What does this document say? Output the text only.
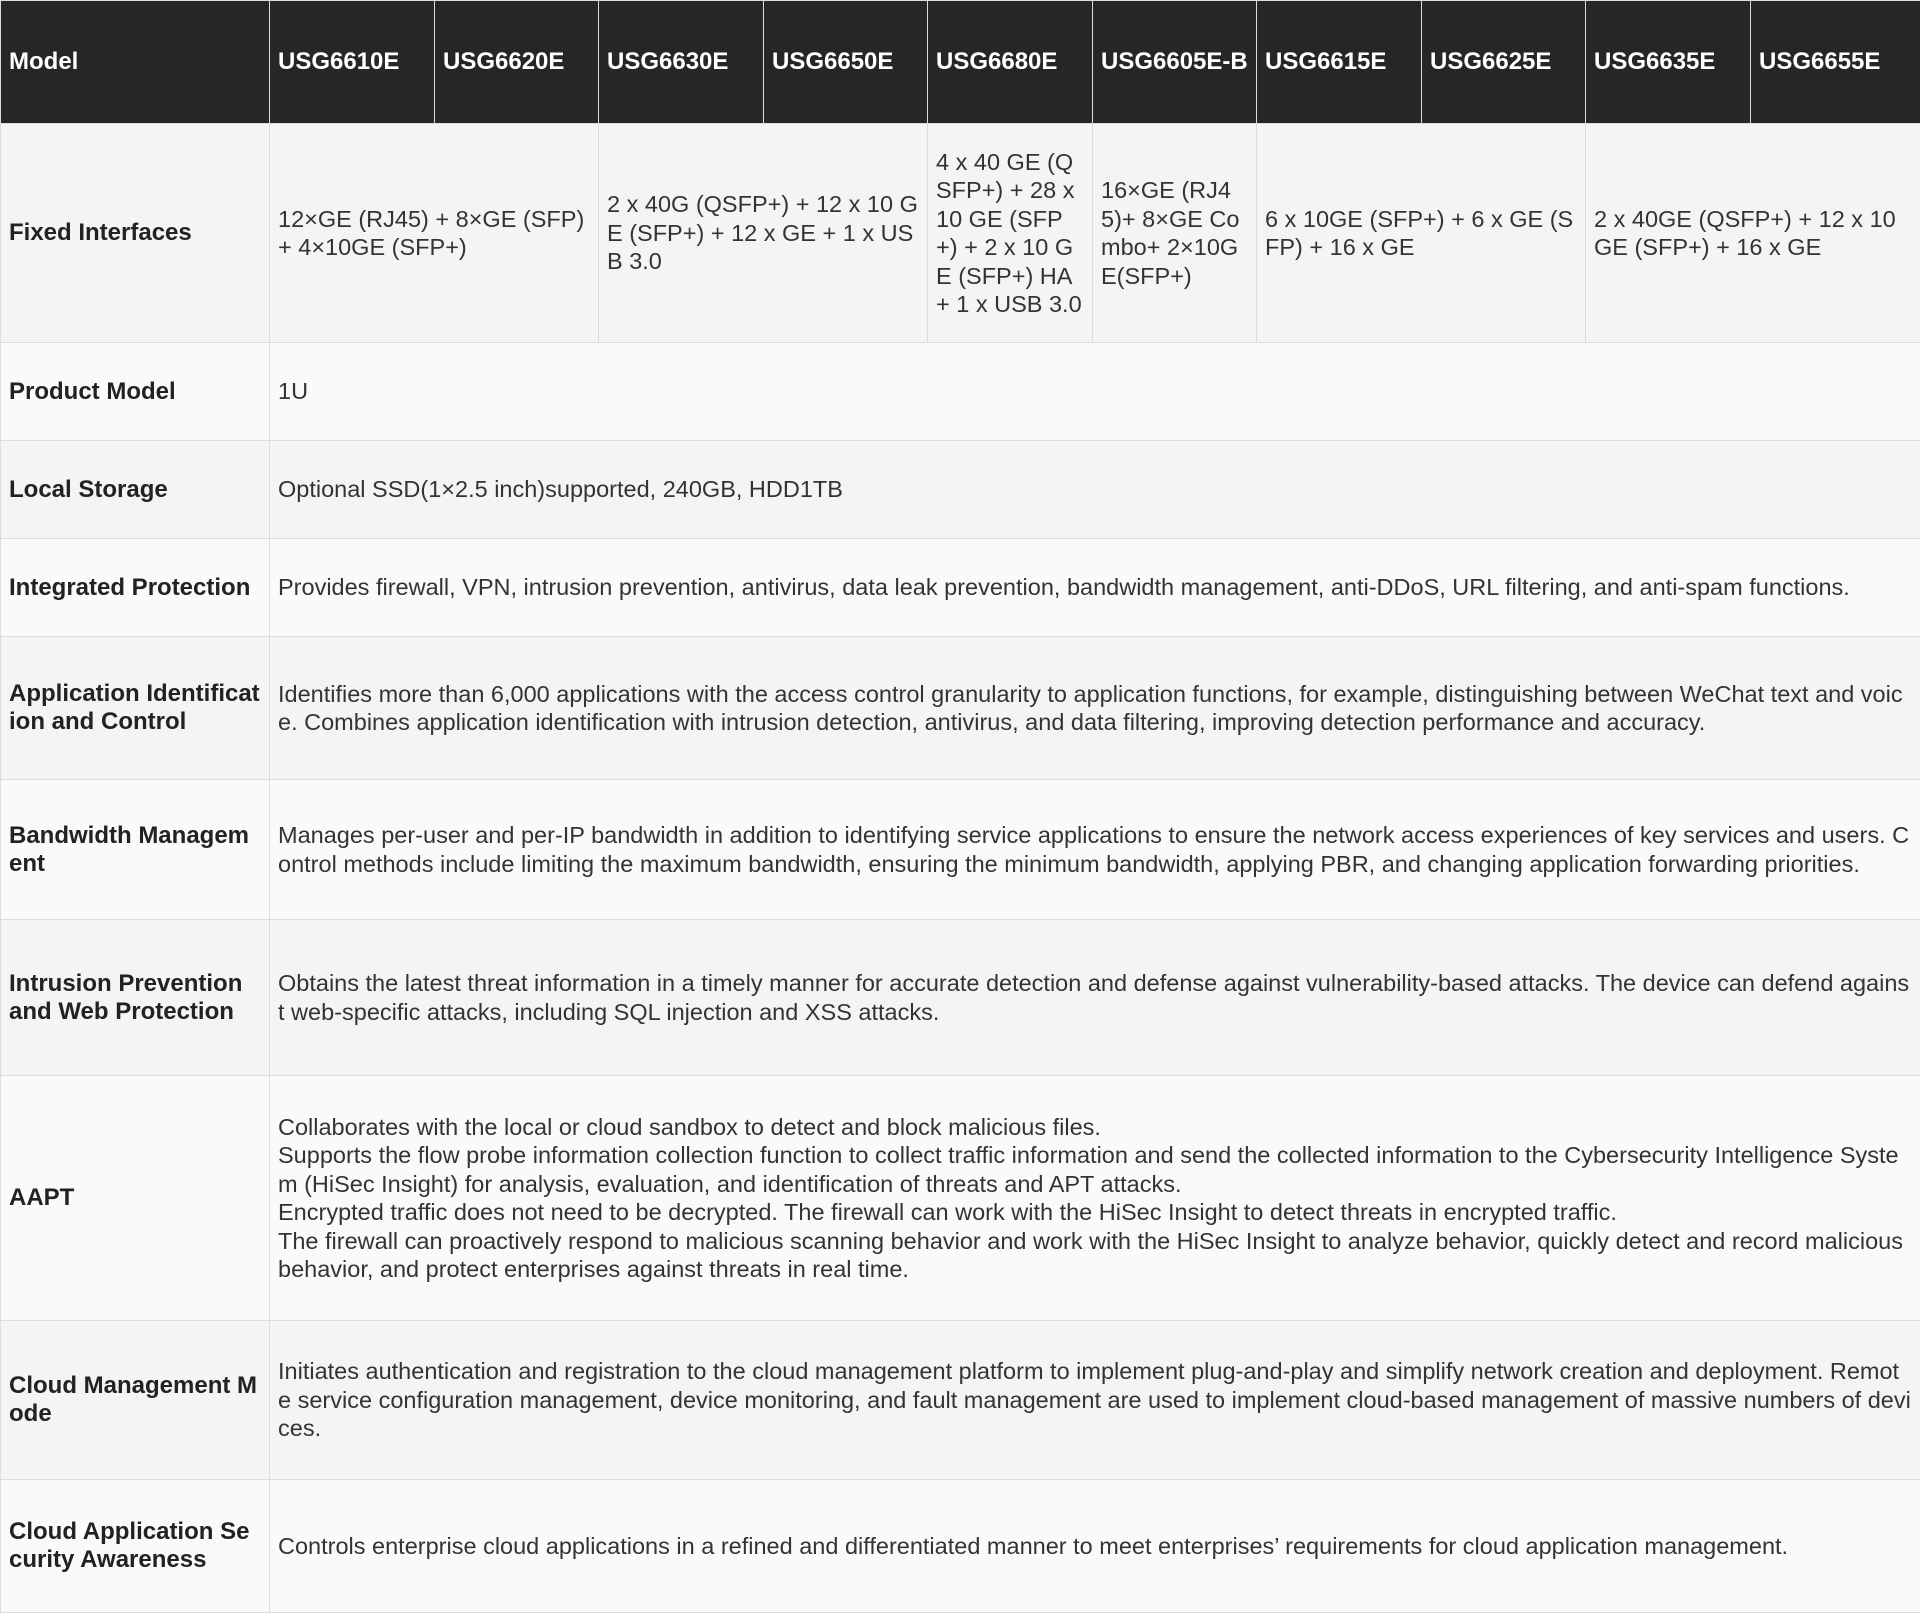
Model	USG6610E	USG6620E	USG6630E	USG6650E	USG6680E	USG6605E-B	USG6615E	USG6625E	USG6635E	USG6655E
Fixed Interfaces	12×GE (RJ45) + 8×GE (SFP) + 4×10GE (SFP+)		2 x 40G (QSFP+) + 12 x 10 GE (SFP+) + 12 x GE + 1 x USB 3.0		4 x 40 GE (QSFP+) + 28 x 10 GE (SFP+) + 2 x 10 GE (SFP+) HA + 1 x USB 3.0	16×GE (RJ45)+ 8×GE Combo+ 2×10GE(SFP+)	6 x 10GE (SFP+) + 6 x GE (SFP) + 16 x GE		2 x 40GE (QSFP+) + 12 x 10GE (SFP+) + 16 x GE	
Product Model	1U									
Local Storage	Optional SSD(1×2.5 inch)supported, 240GB, HDD1TB									
Integrated Protection	Provides firewall, VPN, intrusion prevention, antivirus, data leak prevention, bandwidth management, anti-DDoS, URL filtering, and anti-spam functions.									
Application Identification and Control	Identifies more than 6,000 applications with the access control granularity to application functions, for example, distinguishing between WeChat text and voice. Combines application identification with intrusion detection, antivirus, and data filtering, improving detection performance and accuracy.									
Bandwidth Management	Manages per-user and per-IP bandwidth in addition to identifying service applications to ensure the network access experiences of key services and users. Control methods include limiting the maximum bandwidth, ensuring the minimum bandwidth, applying PBR, and changing application forwarding priorities.									
Intrusion Prevention and Web Protection	Obtains the latest threat information in a timely manner for accurate detection and defense against vulnerability-based attacks. The device can defend against web-specific attacks, including SQL injection and XSS attacks.									
AAPT	Collaborates with the local or cloud sandbox to detect and block malicious files.
Supports the flow probe information collection function to collect traffic information and send the collected information to the Cybersecurity Intelligence System (HiSec Insight) for analysis, evaluation, and identification of threats and APT attacks.
Encrypted traffic does not need to be decrypted. The firewall can work with the HiSec Insight to detect threats in encrypted traffic.
The firewall can proactively respond to malicious scanning behavior and work with the HiSec Insight to analyze behavior, quickly detect and record malicious behavior, and protect enterprises against threats in real time.									

Cloud Management Mode	Initiates authentication and registration to the cloud management platform to implement plug-and-play and simplify network creation and deployment. Remote service configuration management, device monitoring, and fault management are used to implement cloud-based management of massive numbers of devices.									
Cloud Application Security Awareness	Controls enterprise cloud applications in a refined and differentiated manner to meet enterprises’ requirements for cloud application management.									
